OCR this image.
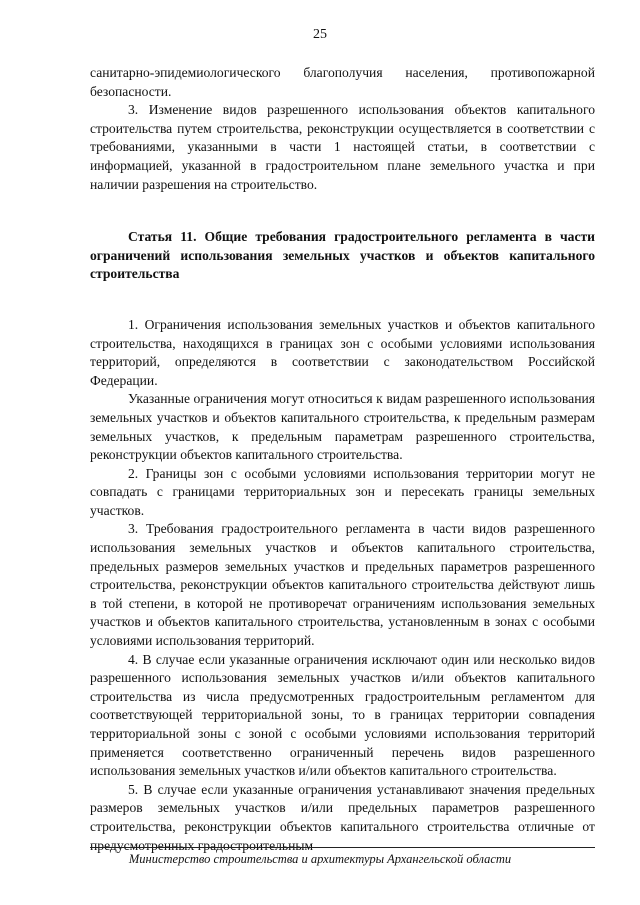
25

санитарно-эпидемиологического благополучия населения, противопожарной безопасности.

3. Изменение видов разрешенного использования объектов капитального строительства путем строительства, реконструкции осуществляется в соответствии с требованиями, указанными в части 1 настоящей статьи, в соответствии с информацией, указанной в градостроительном плане земельного участка и при наличии разрешения на строительство.

Статья 11. Общие требования градостроительного регламента в части ограничений использования земельных участков и объектов капитального строительства

1. Ограничения использования земельных участков и объектов капитального строительства, находящихся в границах зон с особыми условиями использования территорий, определяются в соответствии с законодательством Российской Федерации.

Указанные ограничения могут относиться к видам разрешенного использования земельных участков и объектов капитального строительства, к предельным размерам земельных участков, к предельным параметрам разрешенного строительства, реконструкции объектов капитального строительства.

2. Границы зон с особыми условиями использования территории могут не совпадать с границами территориальных зон и пересекать границы земельных участков.

3. Требования градостроительного регламента в части видов разрешенного использования земельных участков и объектов капитального строительства, предельных размеров земельных участков и предельных параметров разрешенного строительства, реконструкции объектов капитального строительства действуют лишь в той степени, в которой не противоречат ограничениям использования земельных участков и объектов капитального строительства, установленным в зонах с особыми условиями использования территорий.

4. В случае если указанные ограничения исключают один или несколько видов разрешенного использования земельных участков и/или объектов капитального строительства из числа предусмотренных градостроительным регламентом для соответствующей территориальной зоны, то в границах территории совпадения территориальной зоны с зоной с особыми условиями использования территорий применяется соответственно ограниченный перечень видов разрешенного использования земельных участков и/или объектов капитального строительства.

5. В случае если указанные ограничения устанавливают значения предельных размеров земельных участков и/или предельных параметров разрешенного строительства, реконструкции объектов капитального строительства отличные от предусмотренных градостроительным

Министерство строительства и архитектуры Архангельской области
